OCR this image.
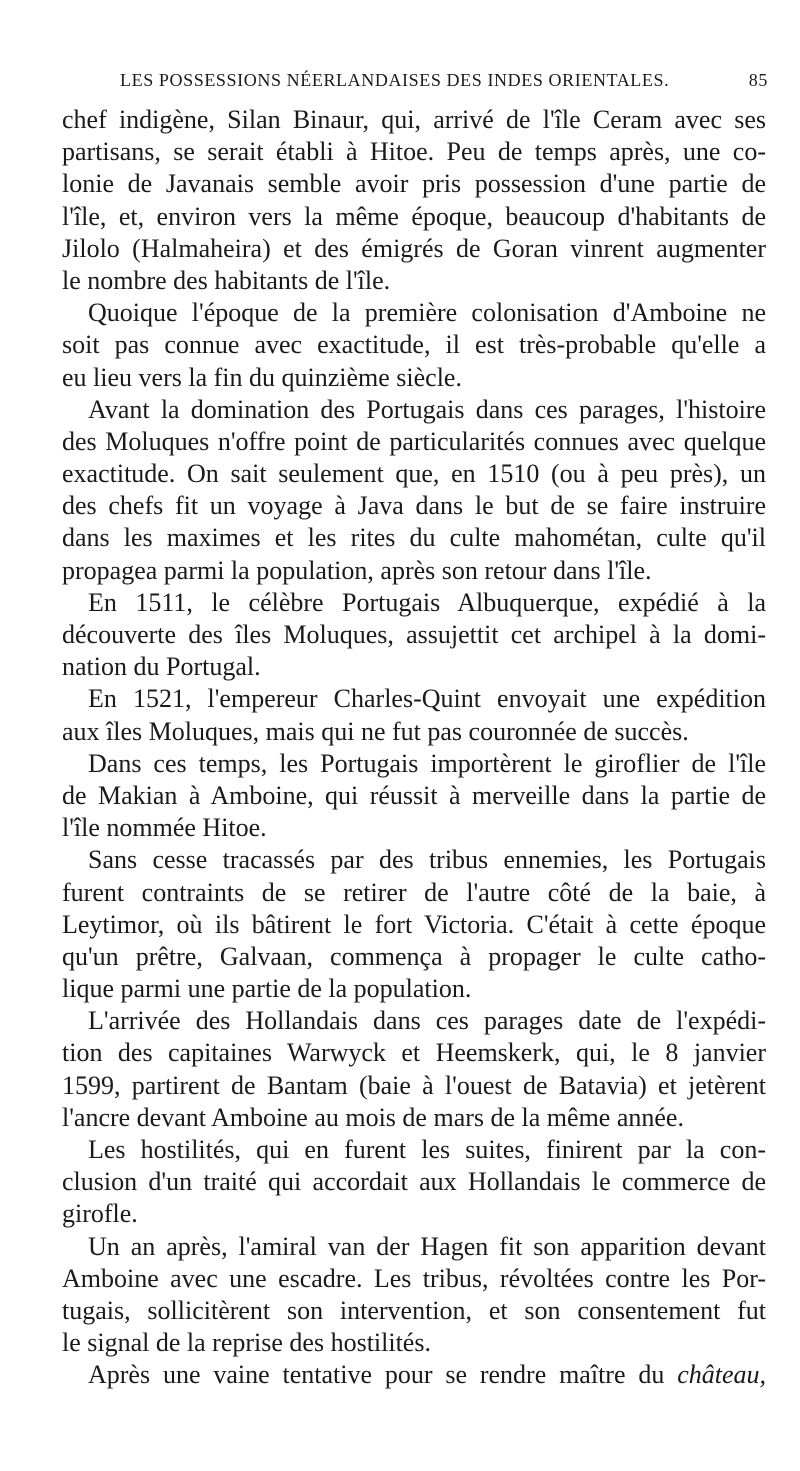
LES POSSESSIONS NÉERLANDAISES DES INDES ORIENTALES.	85
chef indigène, Silan Binaur, qui, arrivé de l'île Ceram avec ses
partisans, se serait établi à Hitoe. Peu de temps après, une co-
lonie de Javanais semble avoir pris possession d'une partie de
l'île, et, environ vers la même époque, beaucoup d'habitants de
Jilolo (Halmaheira) et des émigrés de Goran vinrent augmenter
le nombre des habitants de l'île.
Quoique l'époque de la première colonisation d'Amboine ne
soit pas connue avec exactitude, il est très-probable qu'elle a
eu lieu vers la fin du quinzième siècle.
Avant la domination des Portugais dans ces parages, l'histoire
des Moluques n'offre point de particularités connues avec quelque
exactitude. On sait seulement que, en 1510 (ou à peu près), un
des chefs fit un voyage à Java dans le but de se faire instruire
dans les maximes et les rites du culte mahométan, culte qu'il
propagea parmi la population, après son retour dans l'île.
En 1511, le célèbre Portugais Albuquerque, expédié à la
découverte des îles Moluques, assujettit cet archipel à la domi-
nation du Portugal.
En 1521, l'empereur Charles-Quint envoyait une expédition
aux îles Moluques, mais qui ne fut pas couronnée de succès.
Dans ces temps, les Portugais importèrent le giroflier de l'île
de Makian à Amboine, qui réussit à merveille dans la partie de
l'île nommée Hitoe.
Sans cesse tracassés par des tribus ennemies, les Portugais
furent contraints de se retirer de l'autre côté de la baie, à
Leytimor, où ils bâtirent le fort Victoria. C'était à cette époque
qu'un prêtre, Galvaan, commença à propager le culte catho-
lique parmi une partie de la population.
L'arrivée des Hollandais dans ces parages date de l'expédi-
tion des capitaines Warwyck et Heemskerk, qui, le 8 janvier
1599, partirent de Bantam (baie à l'ouest de Batavia) et jetèrent
l'ancre devant Amboine au mois de mars de la même année.
Les hostilités, qui en furent les suites, finirent par la con-
clusion d'un traité qui accordait aux Hollandais le commerce de
girofle.
Un an après, l'amiral van der Hagen fit son apparition devant
Amboine avec une escadre. Les tribus, révoltées contre les Por-
tugais, sollicitèrent son intervention, et son consentement fut
le signal de la reprise des hostilités.
Après une vaine tentative pour se rendre maître du château,
